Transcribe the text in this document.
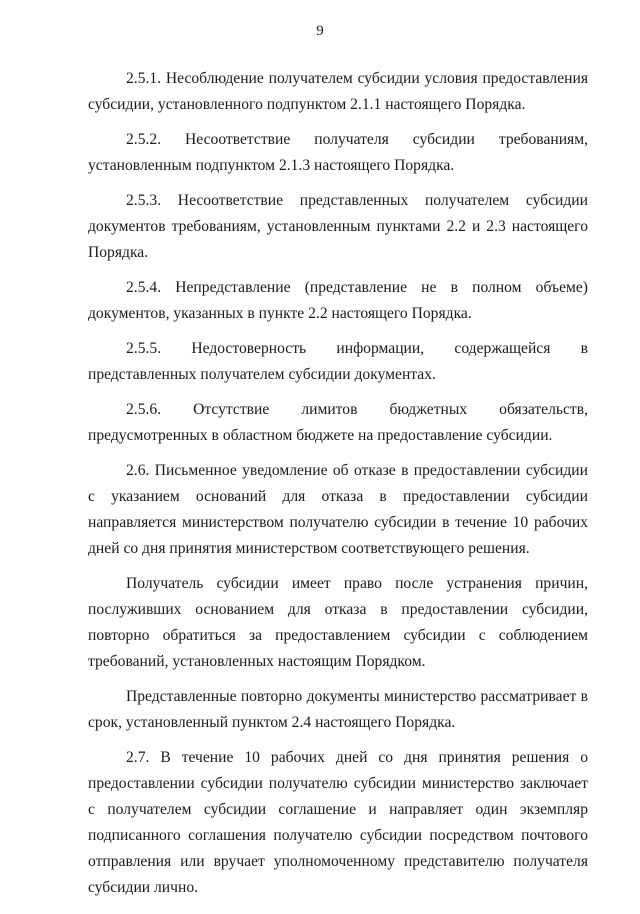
9

2.5.1. Несоблюдение получателем субсидии условия предоставления субсидии, установленного подпунктом 2.1.1 настоящего Порядка.

2.5.2. Несоответствие получателя субсидии требованиям, установленным подпунктом 2.1.3 настоящего Порядка.

2.5.3. Несоответствие представленных получателем субсидии документов требованиям, установленным пунктами 2.2 и 2.3 настоящего Порядка.

2.5.4. Непредставление (представление не в полном объеме) документов, указанных в пункте 2.2 настоящего Порядка.

2.5.5. Недостоверность информации, содержащейся в представленных получателем субсидии документах.

2.5.6. Отсутствие лимитов бюджетных обязательств, предусмотренных в областном бюджете на предоставление субсидии.

2.6. Письменное уведомление об отказе в предоставлении субсидии с указанием оснований для отказа в предоставлении субсидии направляется министерством получателю субсидии в течение 10 рабочих дней со дня принятия министерством соответствующего решения.

Получатель субсидии имеет право после устранения причин, послуживших основанием для отказа в предоставлении субсидии, повторно обратиться за предоставлением субсидии с соблюдением требований, установленных настоящим Порядком.

Представленные повторно документы министерство рассматривает в срок, установленный пунктом 2.4 настоящего Порядка.

2.7. В течение 10 рабочих дней со дня принятия решения о предоставлении субсидии получателю субсидии министерство заключает с получателем субсидии соглашение и направляет один экземпляр подписанного соглашения получателю субсидии посредством почтового отправления или вручает уполномоченному представителю получателя субсидии лично.
